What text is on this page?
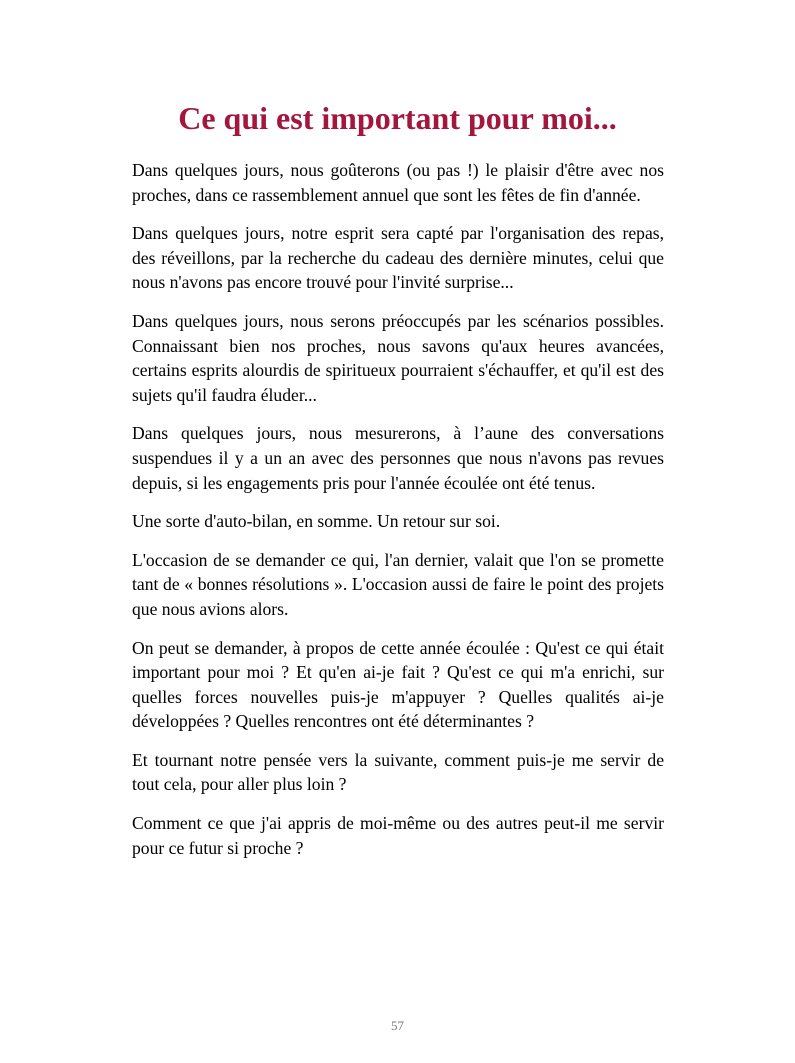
Ce qui est important pour moi...

Dans quelques jours, nous goûterons (ou pas !) le plaisir d'être avec nos proches, dans ce rassemblement annuel que sont les fêtes de fin d'année.

Dans quelques jours, notre esprit sera capté par l'organisation des repas, des réveillons, par la recherche du cadeau des dernière minutes, celui que nous n'avons pas encore trouvé pour l'invité surprise...

Dans quelques jours, nous serons préoccupés par les scénarios possibles. Connaissant bien nos proches, nous savons qu'aux heures avancées, certains esprits alourdis de spiritueux pourraient s'échauffer, et qu'il est des sujets qu'il faudra éluder...

Dans quelques jours, nous mesurerons, à l’aune des conversations suspendues il y a un an avec des personnes que nous n'avons pas revues depuis, si les engagements pris pour l'année écoulée ont été tenus.

Une sorte d'auto-bilan, en somme. Un retour sur soi.

L'occasion de se demander ce qui, l'an dernier, valait que l'on se promette tant de « bonnes résolutions ». L'occasion aussi de faire le point des projets que nous avions alors.

On peut se demander, à propos de cette année écoulée : Qu'est ce qui était important pour moi ? Et qu'en ai-je fait ? Qu'est ce qui m'a enrichi, sur quelles forces nouvelles puis-je m'appuyer ? Quelles qualités ai-je développées ? Quelles rencontres ont été déterminantes ?

Et tournant notre pensée vers la suivante, comment puis-je me servir de tout cela, pour aller plus loin ?

Comment ce que j'ai appris de moi-même ou des autres peut-il me servir pour ce futur si proche ?

57
